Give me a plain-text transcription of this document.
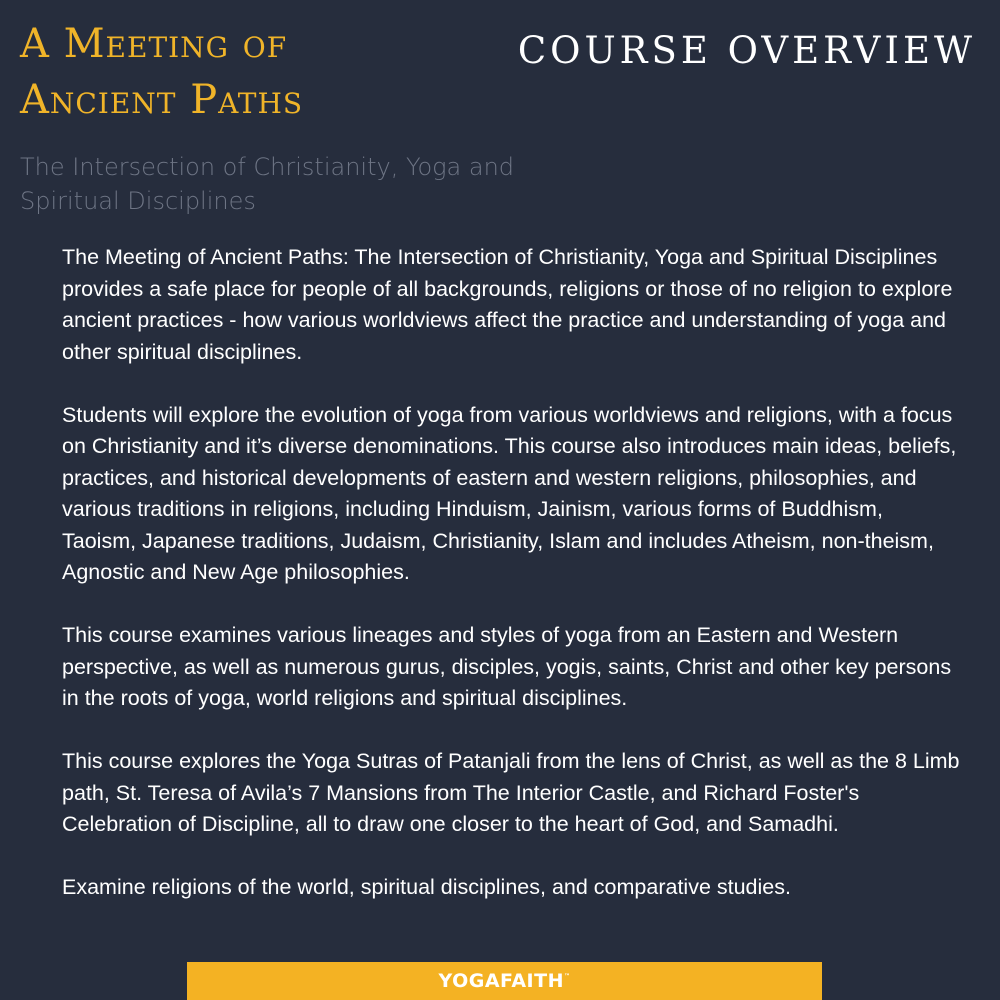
A Meeting of Ancient Paths
COURSE OVERVIEW
The Intersection of Christianity, Yoga and Spiritual Disciplines

The Meeting of Ancient Paths: The Intersection of Christianity, Yoga and Spiritual Disciplines provides a safe place for people of all backgrounds, religions or those of no religion to explore ancient practices - how various worldviews affect the practice and understanding of yoga and other spiritual disciplines.

Students will explore the evolution of yoga from various worldviews and religions, with a focus on Christianity and it’s diverse denominations. This course also introduces main ideas, beliefs, practices, and historical developments of eastern and western religions, philosophies, and various traditions in religions, including Hinduism, Jainism, various forms of Buddhism, Taoism, Japanese traditions, Judaism, Christianity, Islam and includes Atheism, non-theism, Agnostic and New Age philosophies.

This course examines various lineages and styles of yoga from an Eastern and Western perspective, as well as numerous gurus, disciples, yogis, saints, Christ and other key persons in the roots of yoga, world religions and spiritual disciplines.

This course explores the Yoga Sutras of Patanjali from the lens of Christ, as well as the 8 Limb path, St. Teresa of Avila’s 7 Mansions from The Interior Castle, and Richard Foster's Celebration of Discipline, all to draw one closer to the heart of God, and Samadhi.

Examine religions of the world, spiritual disciplines, and comparative studies.

YOGAFAITH™
